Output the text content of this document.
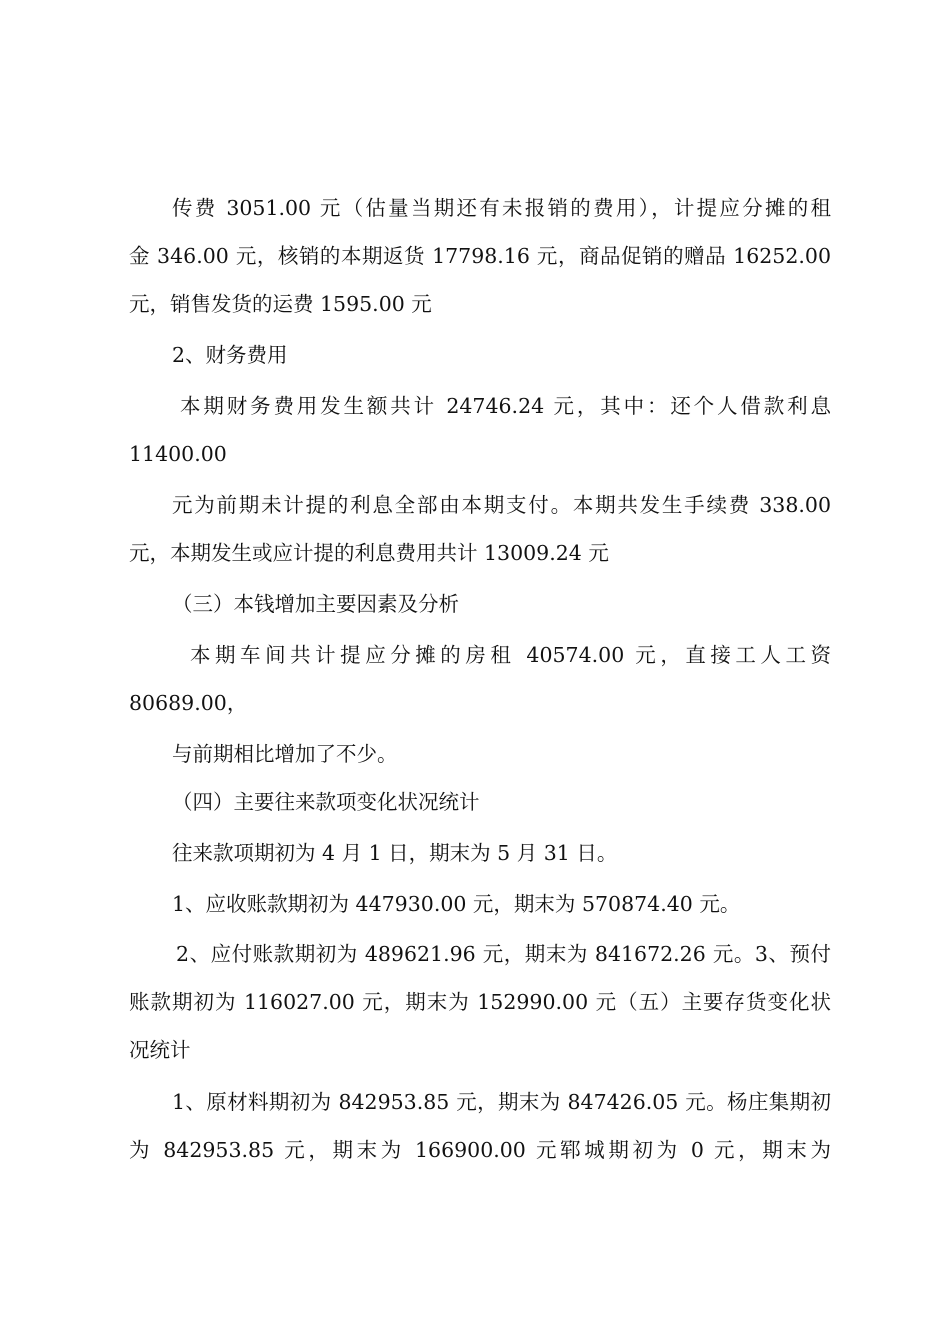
传费 3051.00 元（估量当期还有未报销的费用），计提应分摊的租
金 346.00 元，核销的本期返货 17798.16 元，商品促销的赠品 16252.00
元，销售发货的运费 1595.00 元
2、财务费用
本期财务费用发生额共计 24746.24 元，其中：还个人借款利息
11400.00
元为前期未计提的利息全部由本期支付。本期共发生手续费 338.00
元，本期发生或应计提的利息费用共计 13009.24 元
（三）本钱增加主要因素及分析
本期车间共计提应分摊的房租 40574.00 元，直接工人工资
80689.00，
与前期相比增加了不少。
（四）主要往来款项变化状况统计
往来款项期初为 4 月 1 日，期末为 5 月 31 日。
1、应收账款期初为 447930.00 元，期末为 570874.40 元。
2、应付账款期初为 489621.96 元，期末为 841672.26 元。3、预付
账款期初为 116027.00 元，期末为 152990.00 元（五）主要存货变化状
况统计
1、原材料期初为 842953.85 元，期末为 847426.05 元。杨庄集期初
为 842953.85 元，期末为 166900.00 元郓城期初为 0 元，期末为
